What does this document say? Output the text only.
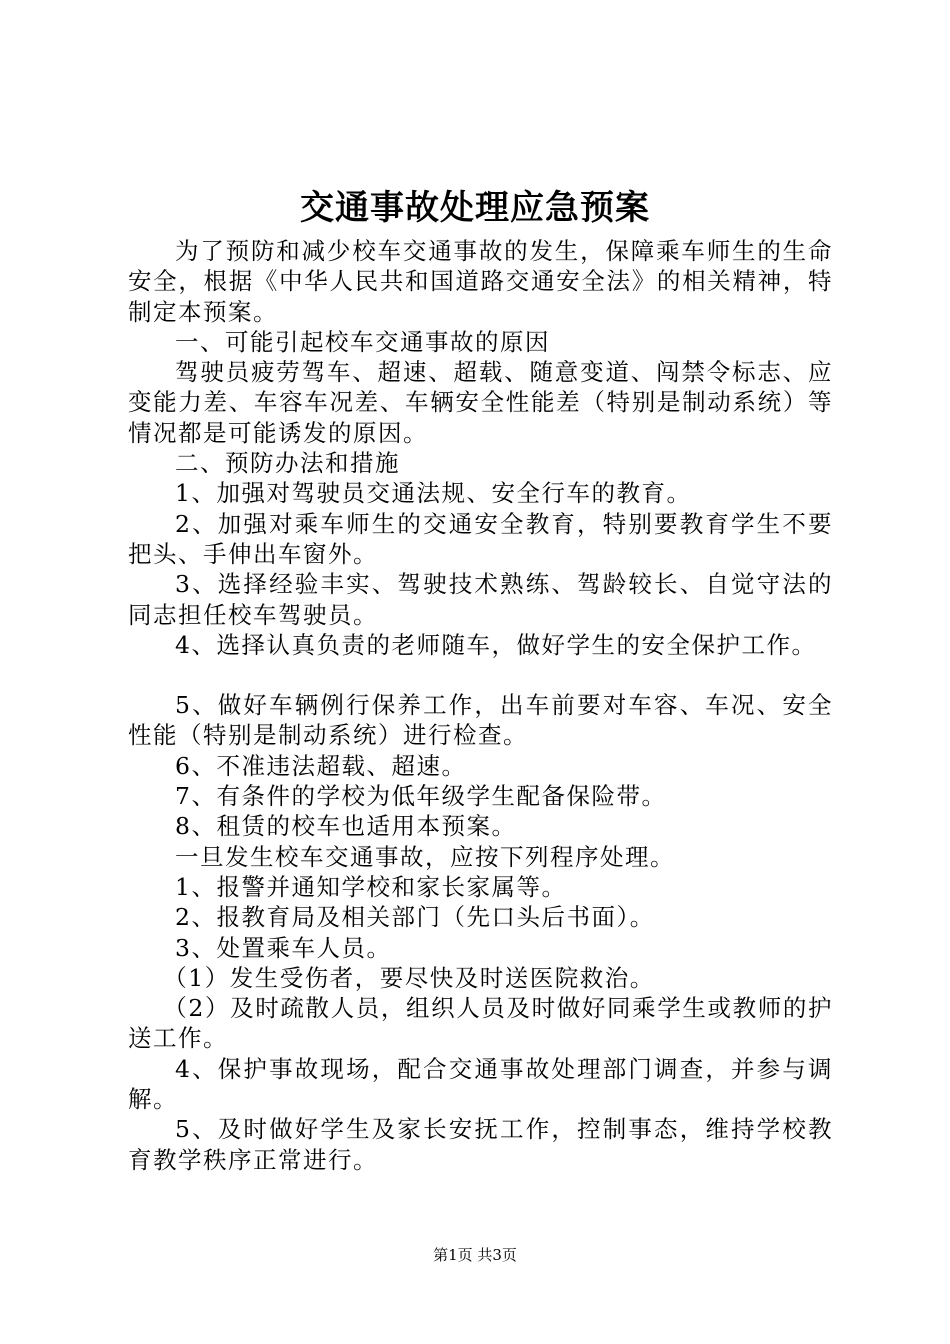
交通事故处理应急预案

为了预防和减少校车交通事故的发生，保障乘车师生的生命安全，根据《中华人民共和国道路交通安全法》的相关精神，特制定本预案。

一、可能引起校车交通事故的原因

驾驶员疲劳驾车、超速、超载、随意变道、闯禁令标志、应变能力差、车容车况差、车辆安全性能差（特别是制动系统）等情况都是可能诱发的原因。

二、预防办法和措施

1、加强对驾驶员交通法规、安全行车的教育。

2、加强对乘车师生的交通安全教育，特别要教育学生不要把头、手伸出车窗外。

3、选择经验丰实、驾驶技术熟练、驾龄较长、自觉守法的同志担任校车驾驶员。

4、选择认真负责的老师随车，做好学生的安全保护工作。

5、做好车辆例行保养工作，出车前要对车容、车况、安全性能（特别是制动系统）进行检查。

6、不准违法超载、超速。

7、有条件的学校为低年级学生配备保险带。

8、租赁的校车也适用本预案。

一旦发生校车交通事故，应按下列程序处理。

1、报警并通知学校和家长家属等。

2、报教育局及相关部门（先口头后书面）。

3、处置乘车人员。

（1）发生受伤者，要尽快及时送医院救治。

（2）及时疏散人员，组织人员及时做好同乘学生或教师的护送工作。

4、保护事故现场，配合交通事故处理部门调查，并参与调解。

5、及时做好学生及家长安抚工作，控制事态，维持学校教育教学秩序正常进行。

第1页 共3页
